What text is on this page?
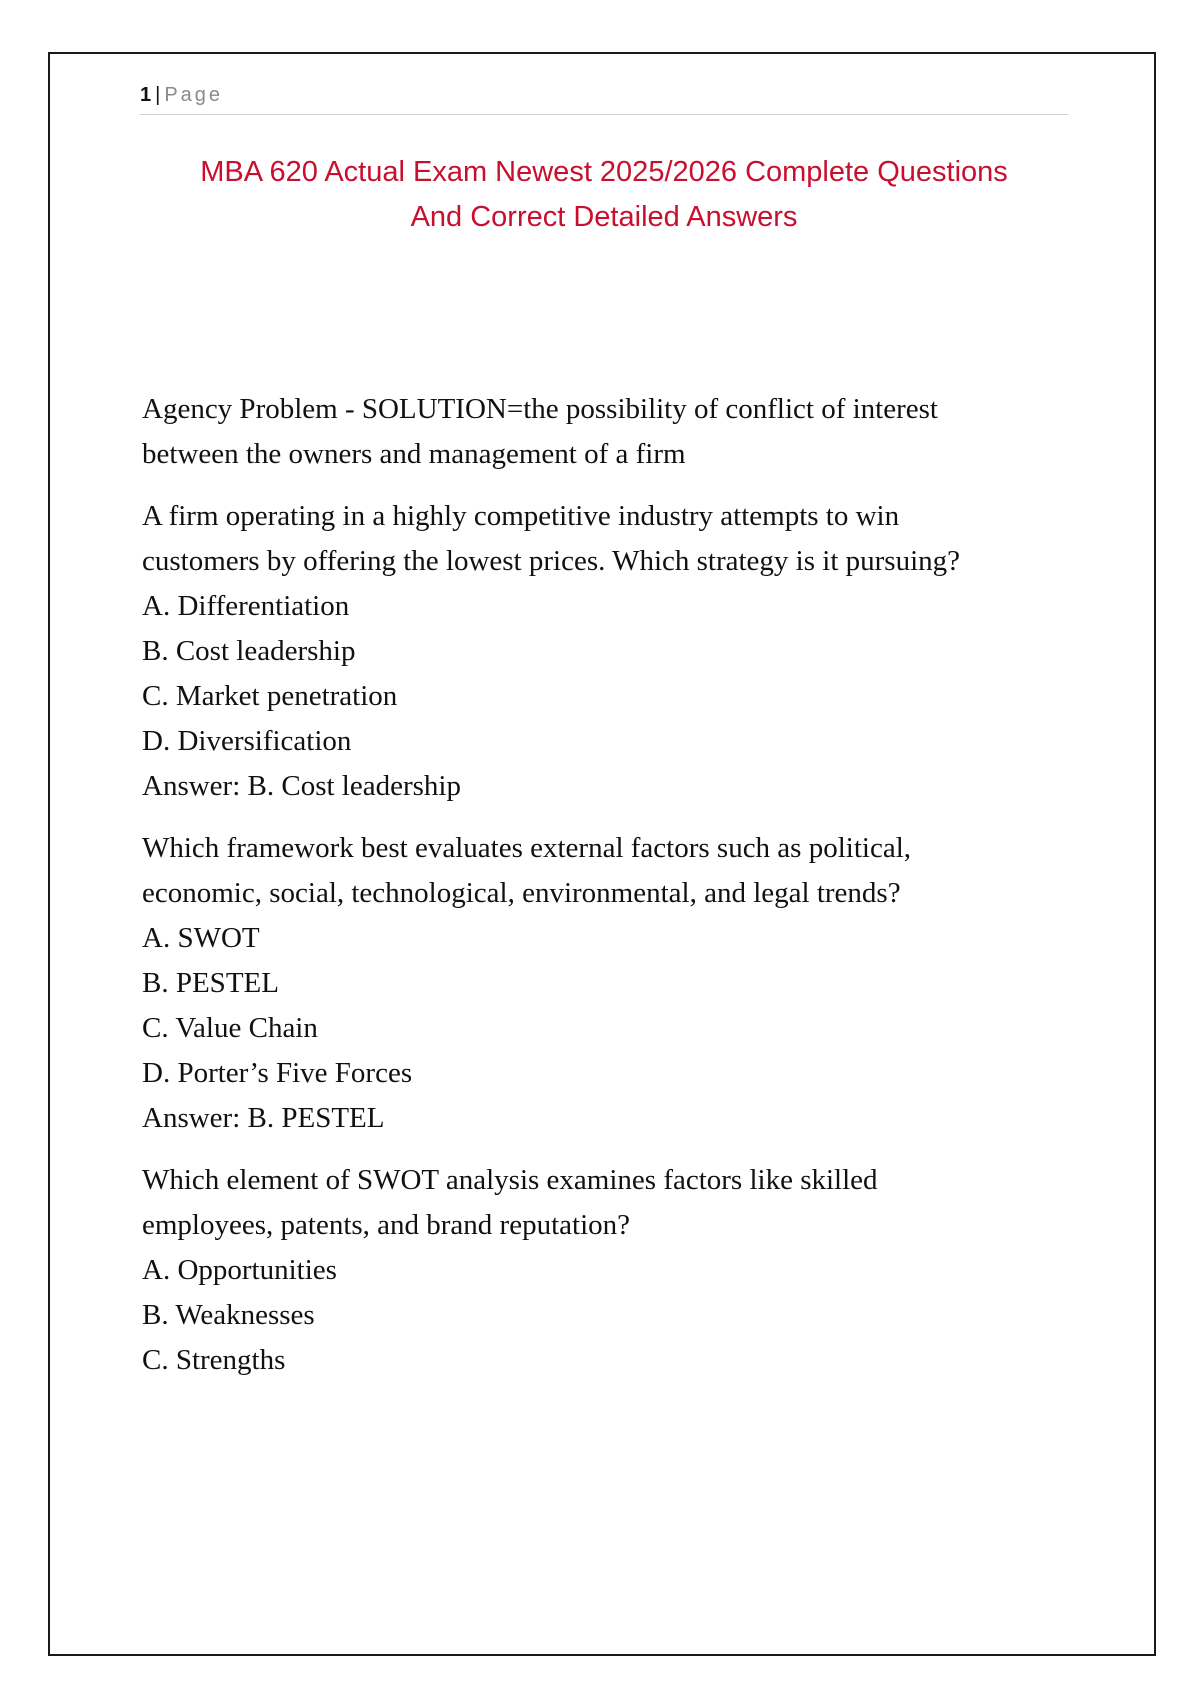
1 | Page
MBA 620 Actual Exam Newest 2025/2026 Complete Questions
And Correct Detailed Answers
Agency Problem - SOLUTION=the possibility of conflict of interest
between the owners and management of a firm
A firm operating in a highly competitive industry attempts to win
customers by offering the lowest prices. Which strategy is it pursuing?
A. Differentiation
B. Cost leadership
C. Market penetration
D. Diversification
Answer: B. Cost leadership
Which framework best evaluates external factors such as political,
economic, social, technological, environmental, and legal trends?
A. SWOT
B. PESTEL
C. Value Chain
D. Porter’s Five Forces
Answer: B. PESTEL
Which element of SWOT analysis examines factors like skilled
employees, patents, and brand reputation?
A. Opportunities
B. Weaknesses
C. Strengths
